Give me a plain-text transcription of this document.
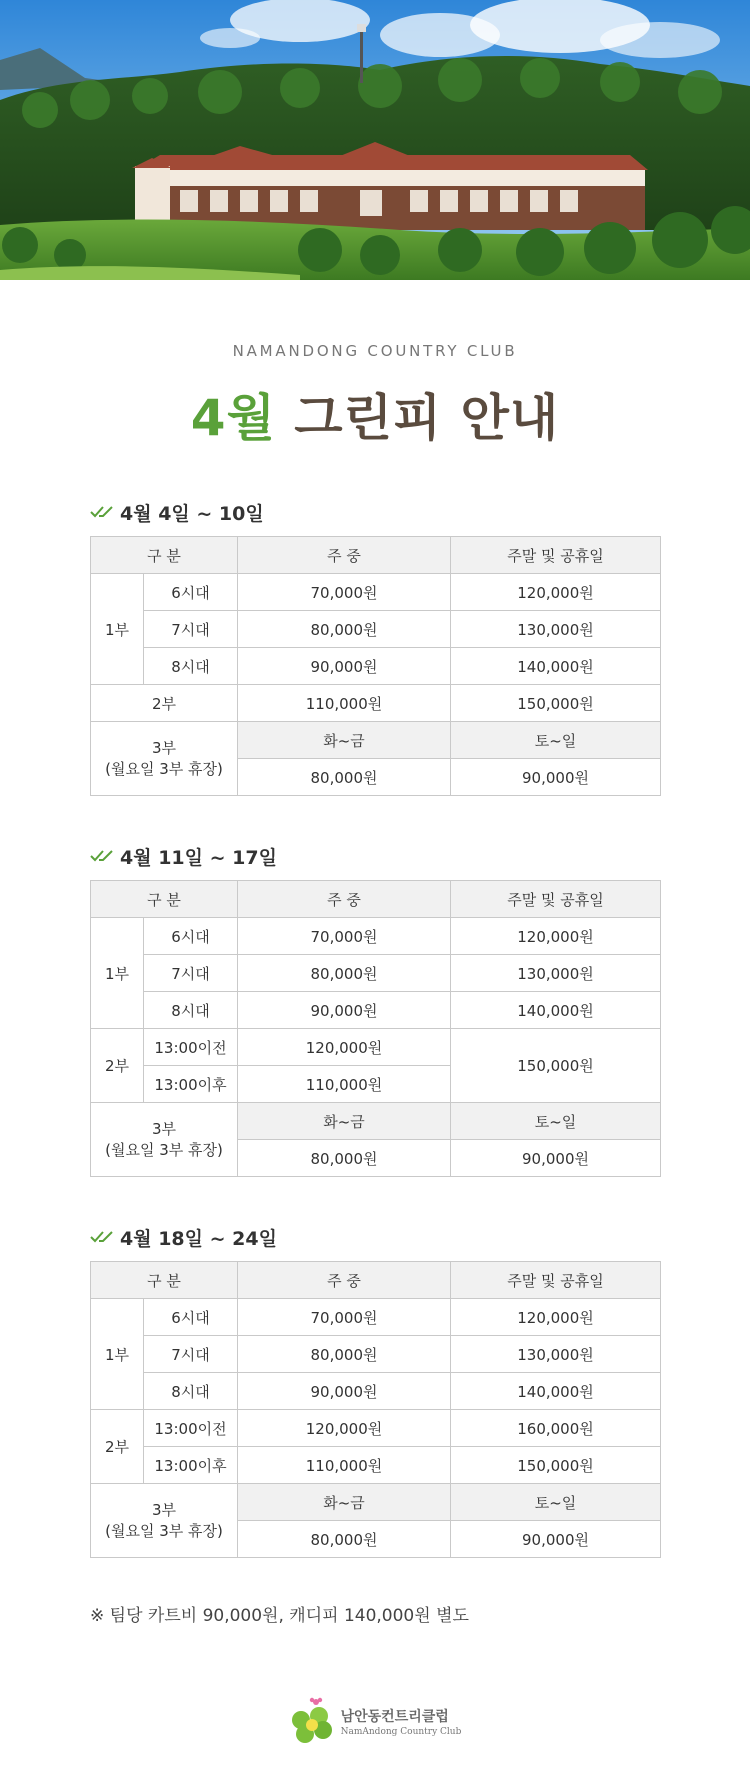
NAMANDONG COUNTRY CLUB
4월 그린피 안내
4월 4일 ~ 10일
구 분		주 중	주말 및 공휴일
1부	6시대	70,000원	120,000원
	7시대	80,000원	130,000원
	8시대	90,000원	140,000원
2부		110,000원	150,000원

3부
(월요일 3부 휴장)		화~금	토~일
		80,000원	90,000원
4월 11일 ~ 17일
구 분		주 중	주말 및 공휴일
1부	6시대	70,000원	120,000원
	7시대	80,000원	130,000원
	8시대	90,000원	140,000원
2부	13:00이전	120,000원	150,000원
	13:00이후	110,000원	

3부
(월요일 3부 휴장)		화~금	토~일
		80,000원	90,000원
4월 18일 ~ 24일
구 분		주 중	주말 및 공휴일
1부	6시대	70,000원	120,000원
	7시대	80,000원	130,000원
	8시대	90,000원	140,000원
2부	13:00이전	120,000원	160,000원
	13:00이후	110,000원	150,000원

3부
(월요일 3부 휴장)		화~금	토~일
		80,000원	90,000원
※ 팀당 카트비 90,000원, 캐디피 140,000원 별도
남안동컨트리클럽
NamAndong Country Club
